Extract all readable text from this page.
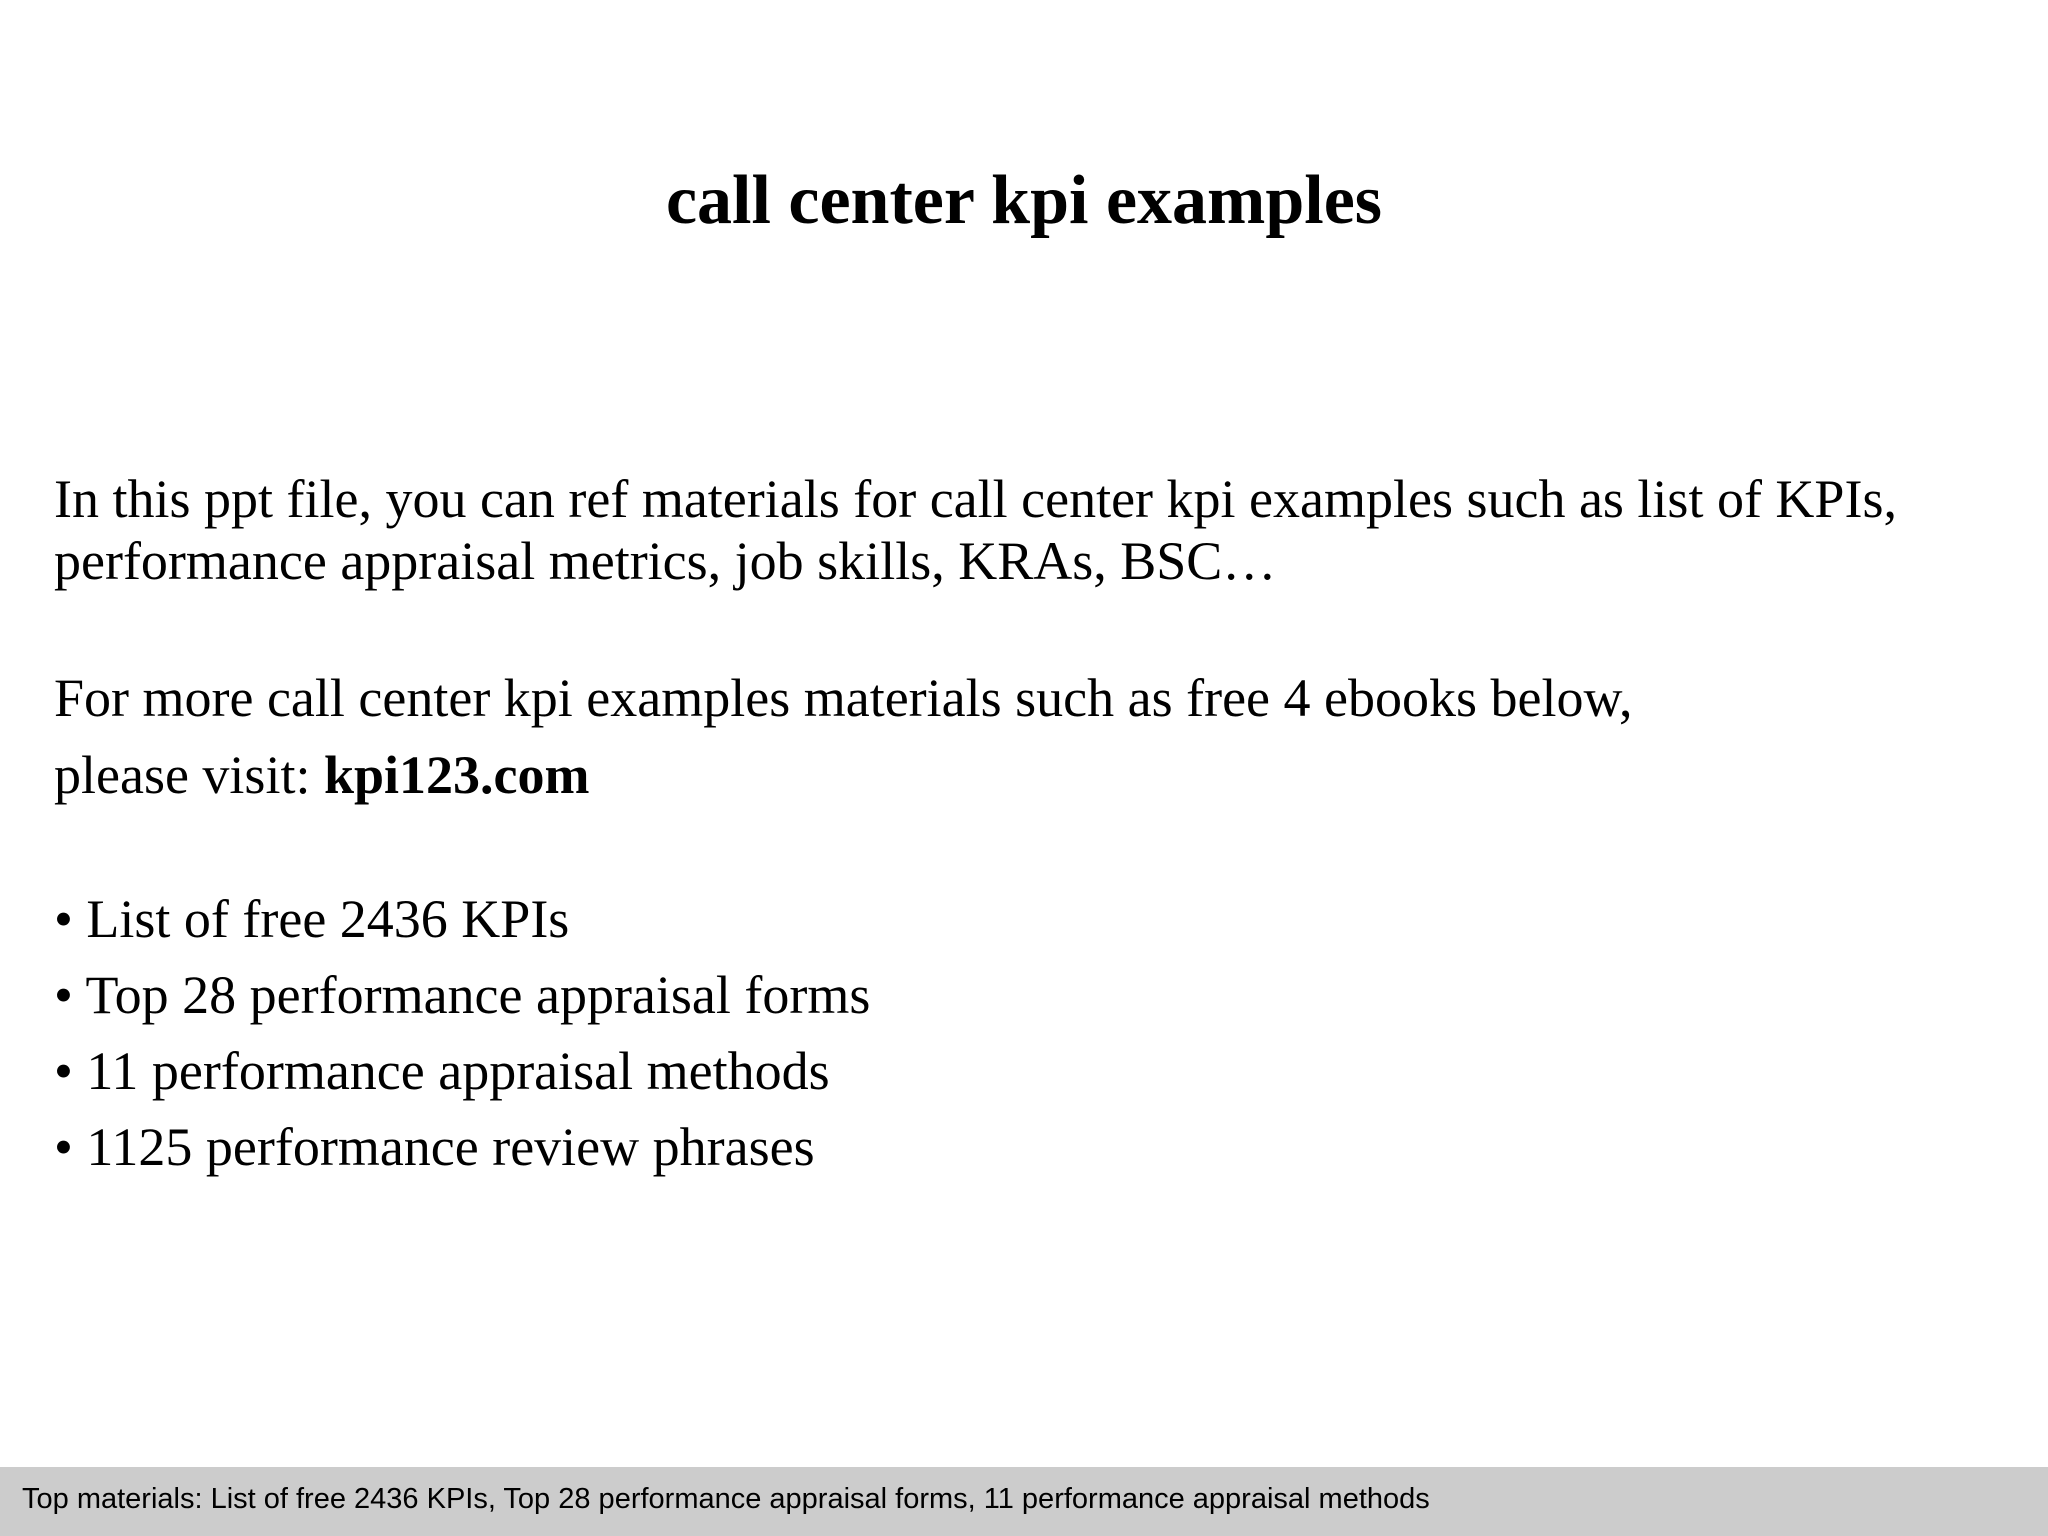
call center kpi examples

In this ppt file, you can ref materials for call center kpi examples such as list of KPIs, performance appraisal metrics, job skills, KRAs, BSC…

For more call center kpi examples materials such as free 4 ebooks below,
please visit: kpi123.com

• List of free 2436 KPIs
• Top 28 performance appraisal forms
• 11 performance appraisal methods
• 1125 performance review phrases
Top materials: List of free 2436 KPIs, Top 28 performance appraisal forms, 11 performance appraisal methods
